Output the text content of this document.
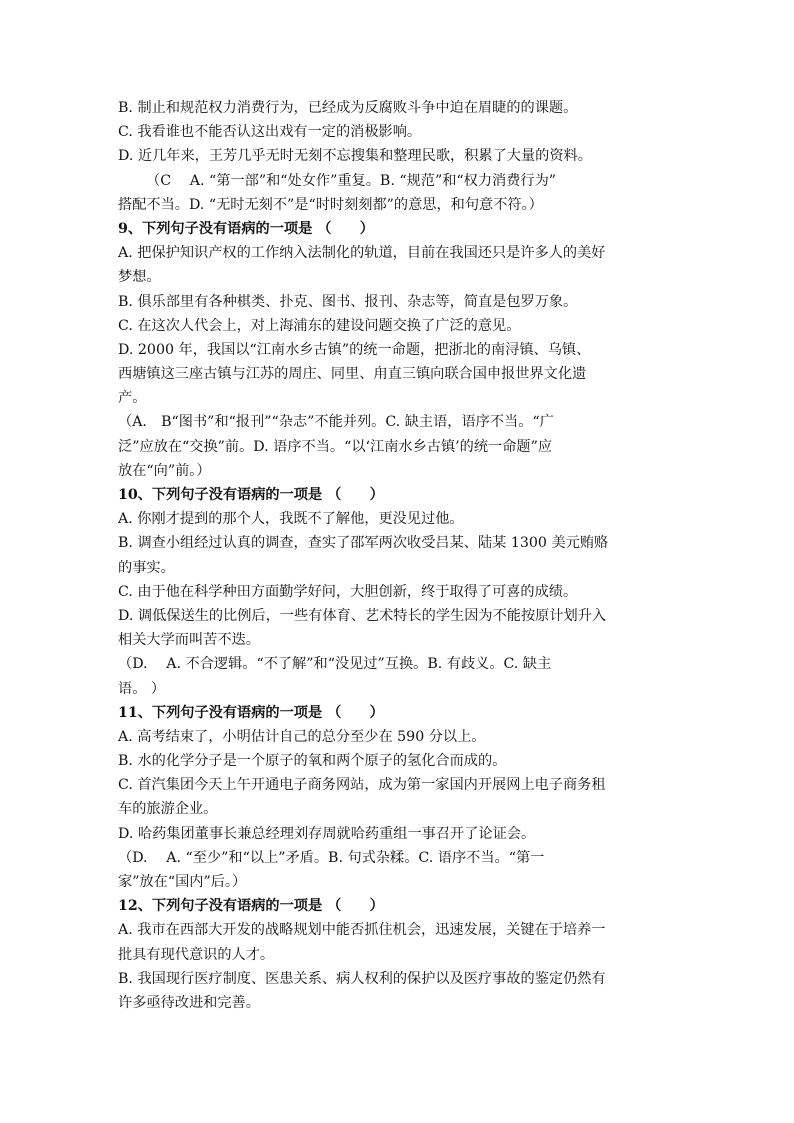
B. 制止和规范权力消费行为，已经成为反腐败斗争中迫在眉睫的的课题。
C. 我看谁也不能否认这出戏有一定的消极影响。
D. 近几年来，王芳几乎无时无刻不忘搜集和整理民歌，积累了大量的资料。
（C　 A. “第一部”和“处女作”重复。B. “规范”和“权力消费行为”
搭配不当。D. “无时无刻不”是“时时刻刻都”的意思，和句意不符。）
9、下列句子没有语病的一项是 （　　）
A. 把保护知识产权的工作纳入法制化的轨道，目前在我国还只是许多人的美好
梦想。
B. 俱乐部里有各种棋类、扑克、图书、报刊、杂志等，简直是包罗万象。
C. 在这次人代会上，对上海浦东的建设问题交换了广泛的意见。
D. 2000 年，我国以“江南水乡古镇”的统一命题，把浙北的南浔镇、乌镇、
西塘镇这三座古镇与江苏的周庄、同里、甪直三镇向联合国申报世界文化遗
产。
（A.　B“图书”和“报刊”“杂志”不能并列。C. 缺主语，语序不当。“广
泛”应放在“交换”前。D. 语序不当。“以‘江南水乡古镇’的统一命题”应
放在“向”前。）
10、下列句子没有语病的一项是 （　　）
A. 你刚才提到的那个人，我既不了解他，更没见过他。
B. 调查小组经过认真的调查，查实了邵军两次收受吕某、陆某 1300 美元贿赂
的事实。
C. 由于他在科学种田方面勤学好问，大胆创新，终于取得了可喜的成绩。
D. 调低保送生的比例后，一些有体育、艺术特长的学生因为不能按原计划升入
相关大学而叫苦不迭。
（D.　 A. 不合逻辑。“不了解”和“没见过”互换。B. 有歧义。C. 缺主
语。 ）
11、下列句子没有语病的一项是 （　　）
A. 高考结束了，小明估计自己的总分至少在 590 分以上。
B. 水的化学分子是一个原子的氧和两个原子的氢化合而成的。
C. 首汽集团今天上午开通电子商务网站，成为第一家国内开展网上电子商务租
车的旅游企业。
D. 哈药集团董事长兼总经理刘存周就哈药重组一事召开了论证会。
（D.　 A. “至少”和“以上”矛盾。B. 句式杂糅。C. 语序不当。“第一
家”放在“国内”后。）
12、下列句子没有语病的一项是 （　　）
A. 我市在西部大开发的战略规划中能否抓住机会，迅速发展，关键在于培养一
批具有现代意识的人才。
B. 我国现行医疗制度、医患关系、病人权利的保护以及医疗事故的鉴定仍然有
许多亟待改进和完善。
